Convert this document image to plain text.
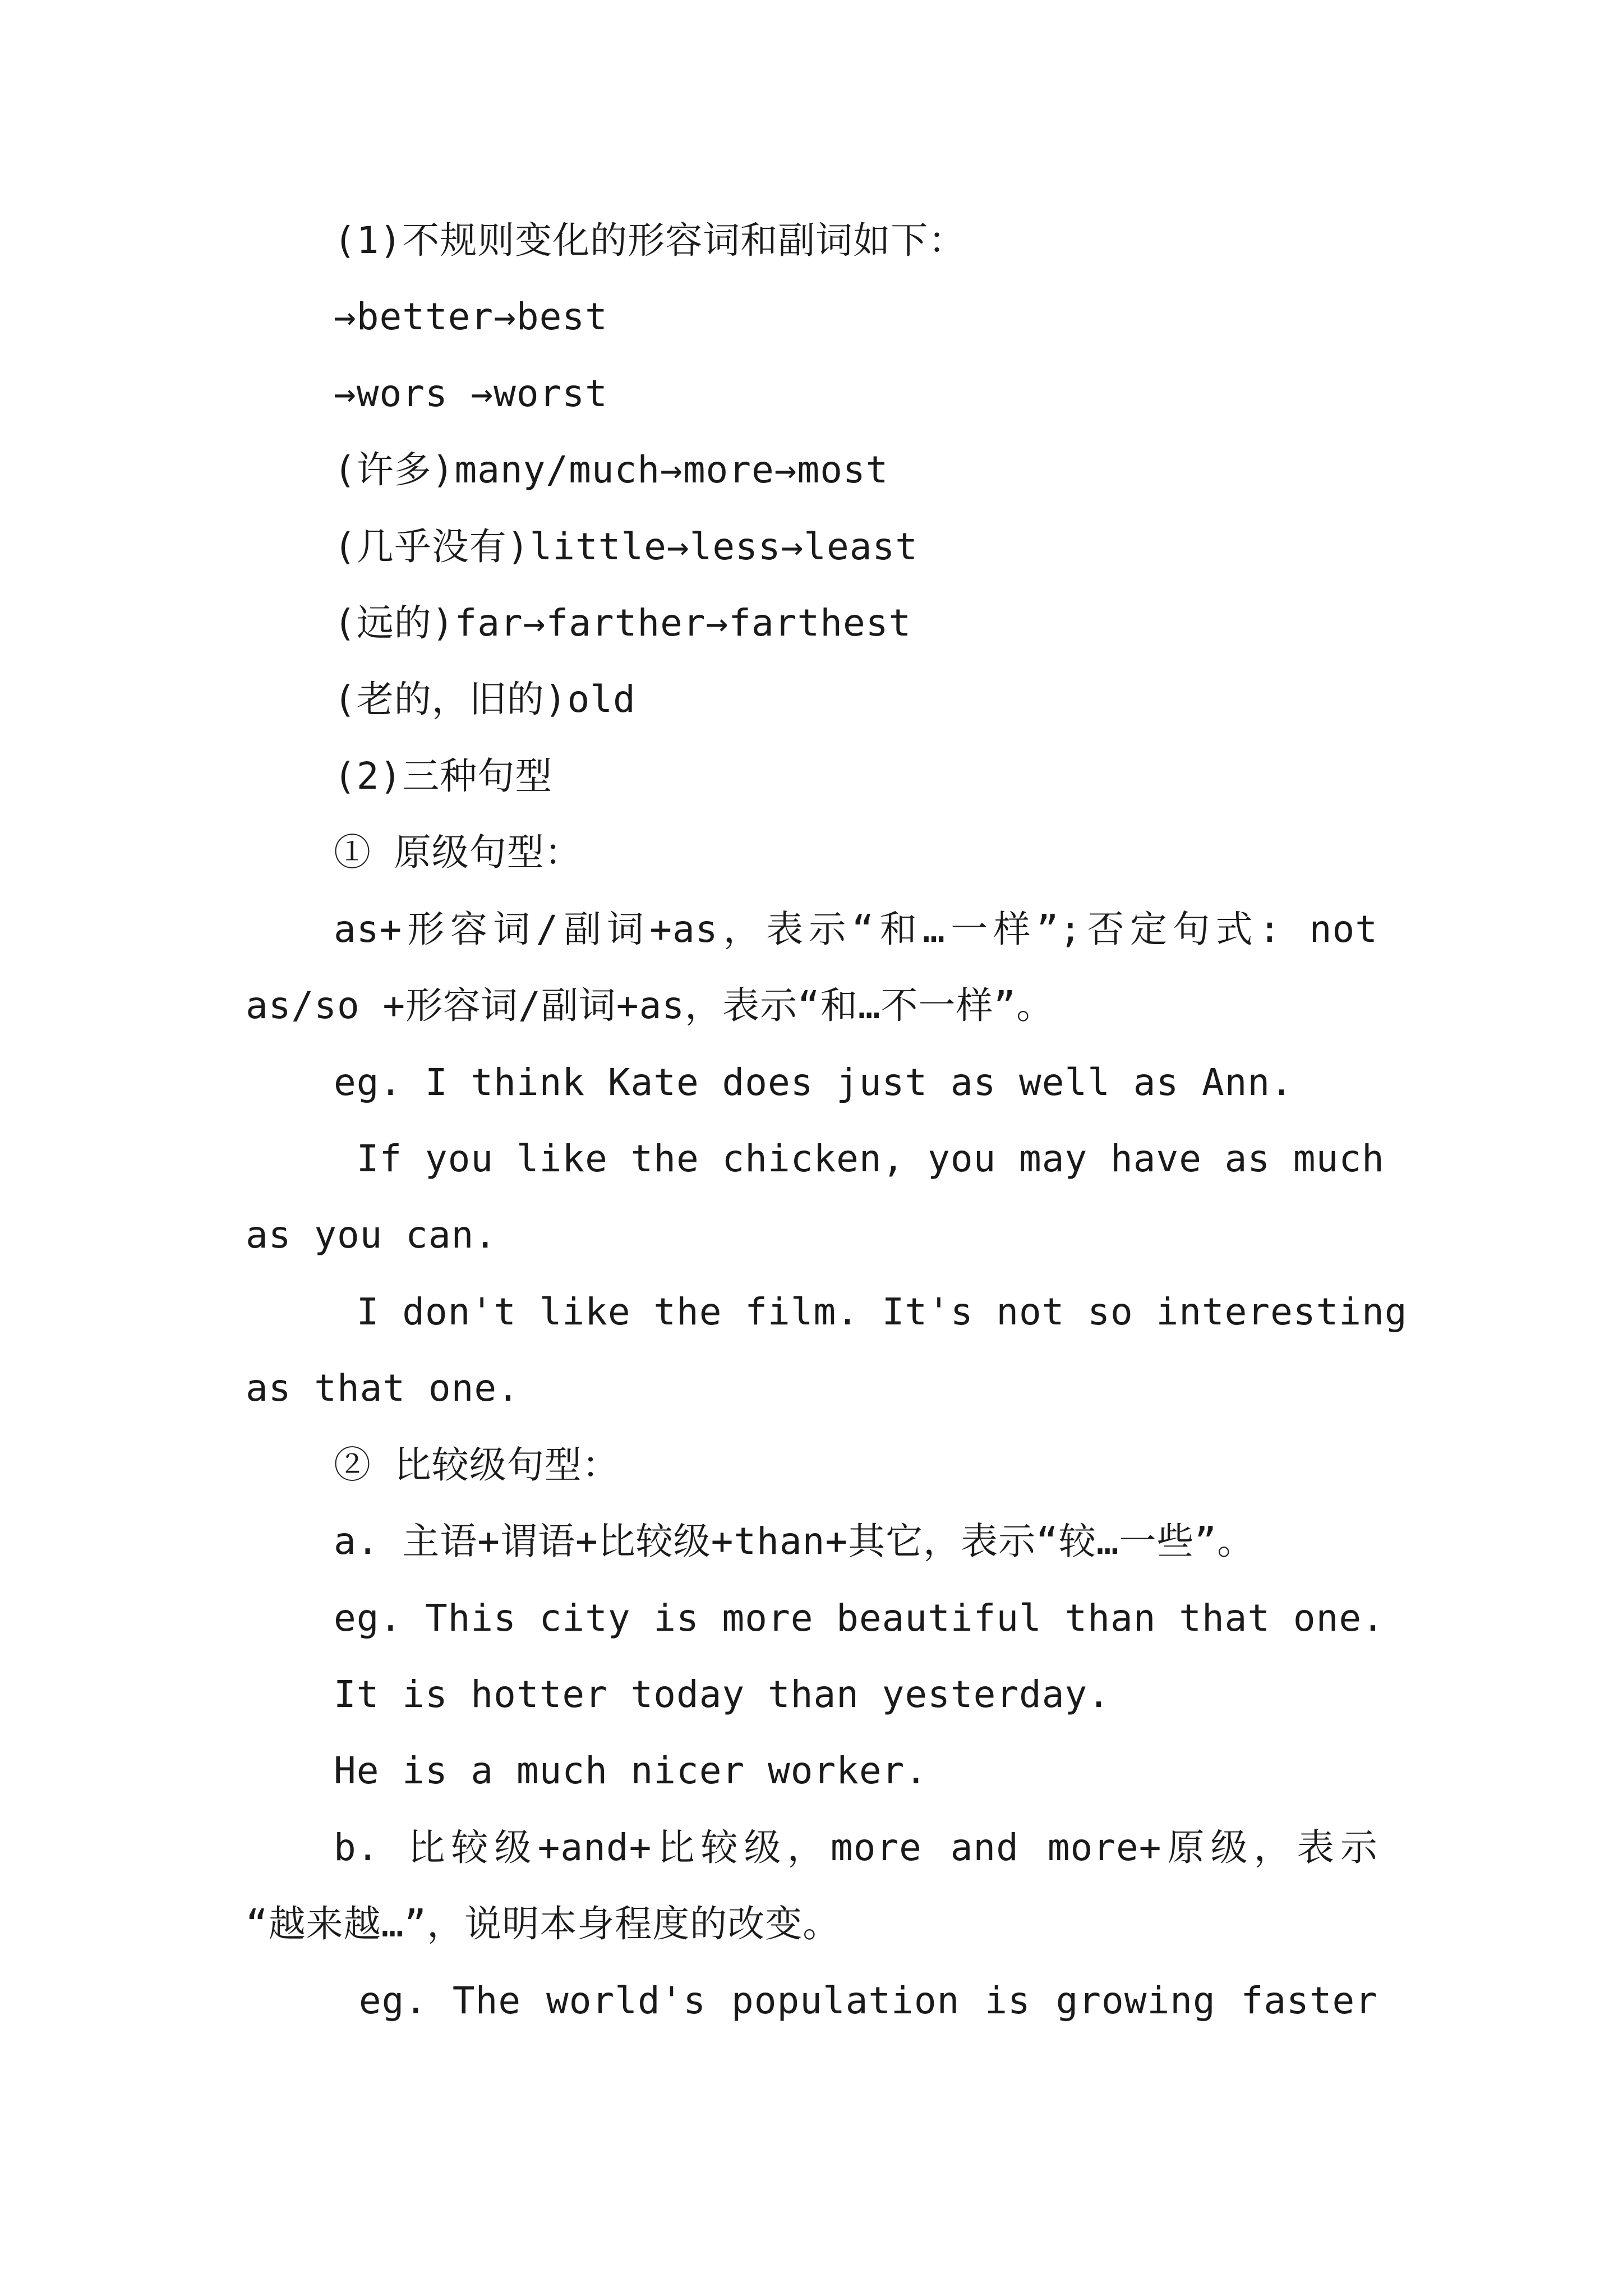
(1)不规则变化的形容词和副词如下：
→better→best
→wors →worst
(许多)many/much→more→most
(几乎没有)little→less→least
(远的)far→farther→farthest
(老的，旧的)old
(2)三种句型
① 原级句型：
as+形容词/副词+as，表示“和…一样”;否定句式: not
as/so +形容词/副词+as，表示“和…不一样”。
eg. I think Kate does just as well as Ann.
If you like the chicken, you may have as much
as you can.
I don't like the film. It's not so interesting
as that one.
② 比较级句型：
a. 主语+谓语+比较级+than+其它，表示“较…一些”。
eg. This city is more beautiful than that one.
It is hotter today than yesterday.
He is a much nicer worker.
b. 比较级+and+比较级，more and more+原级，表示
“越来越…”，说明本身程度的改变。
eg. The world's population is growing faster
